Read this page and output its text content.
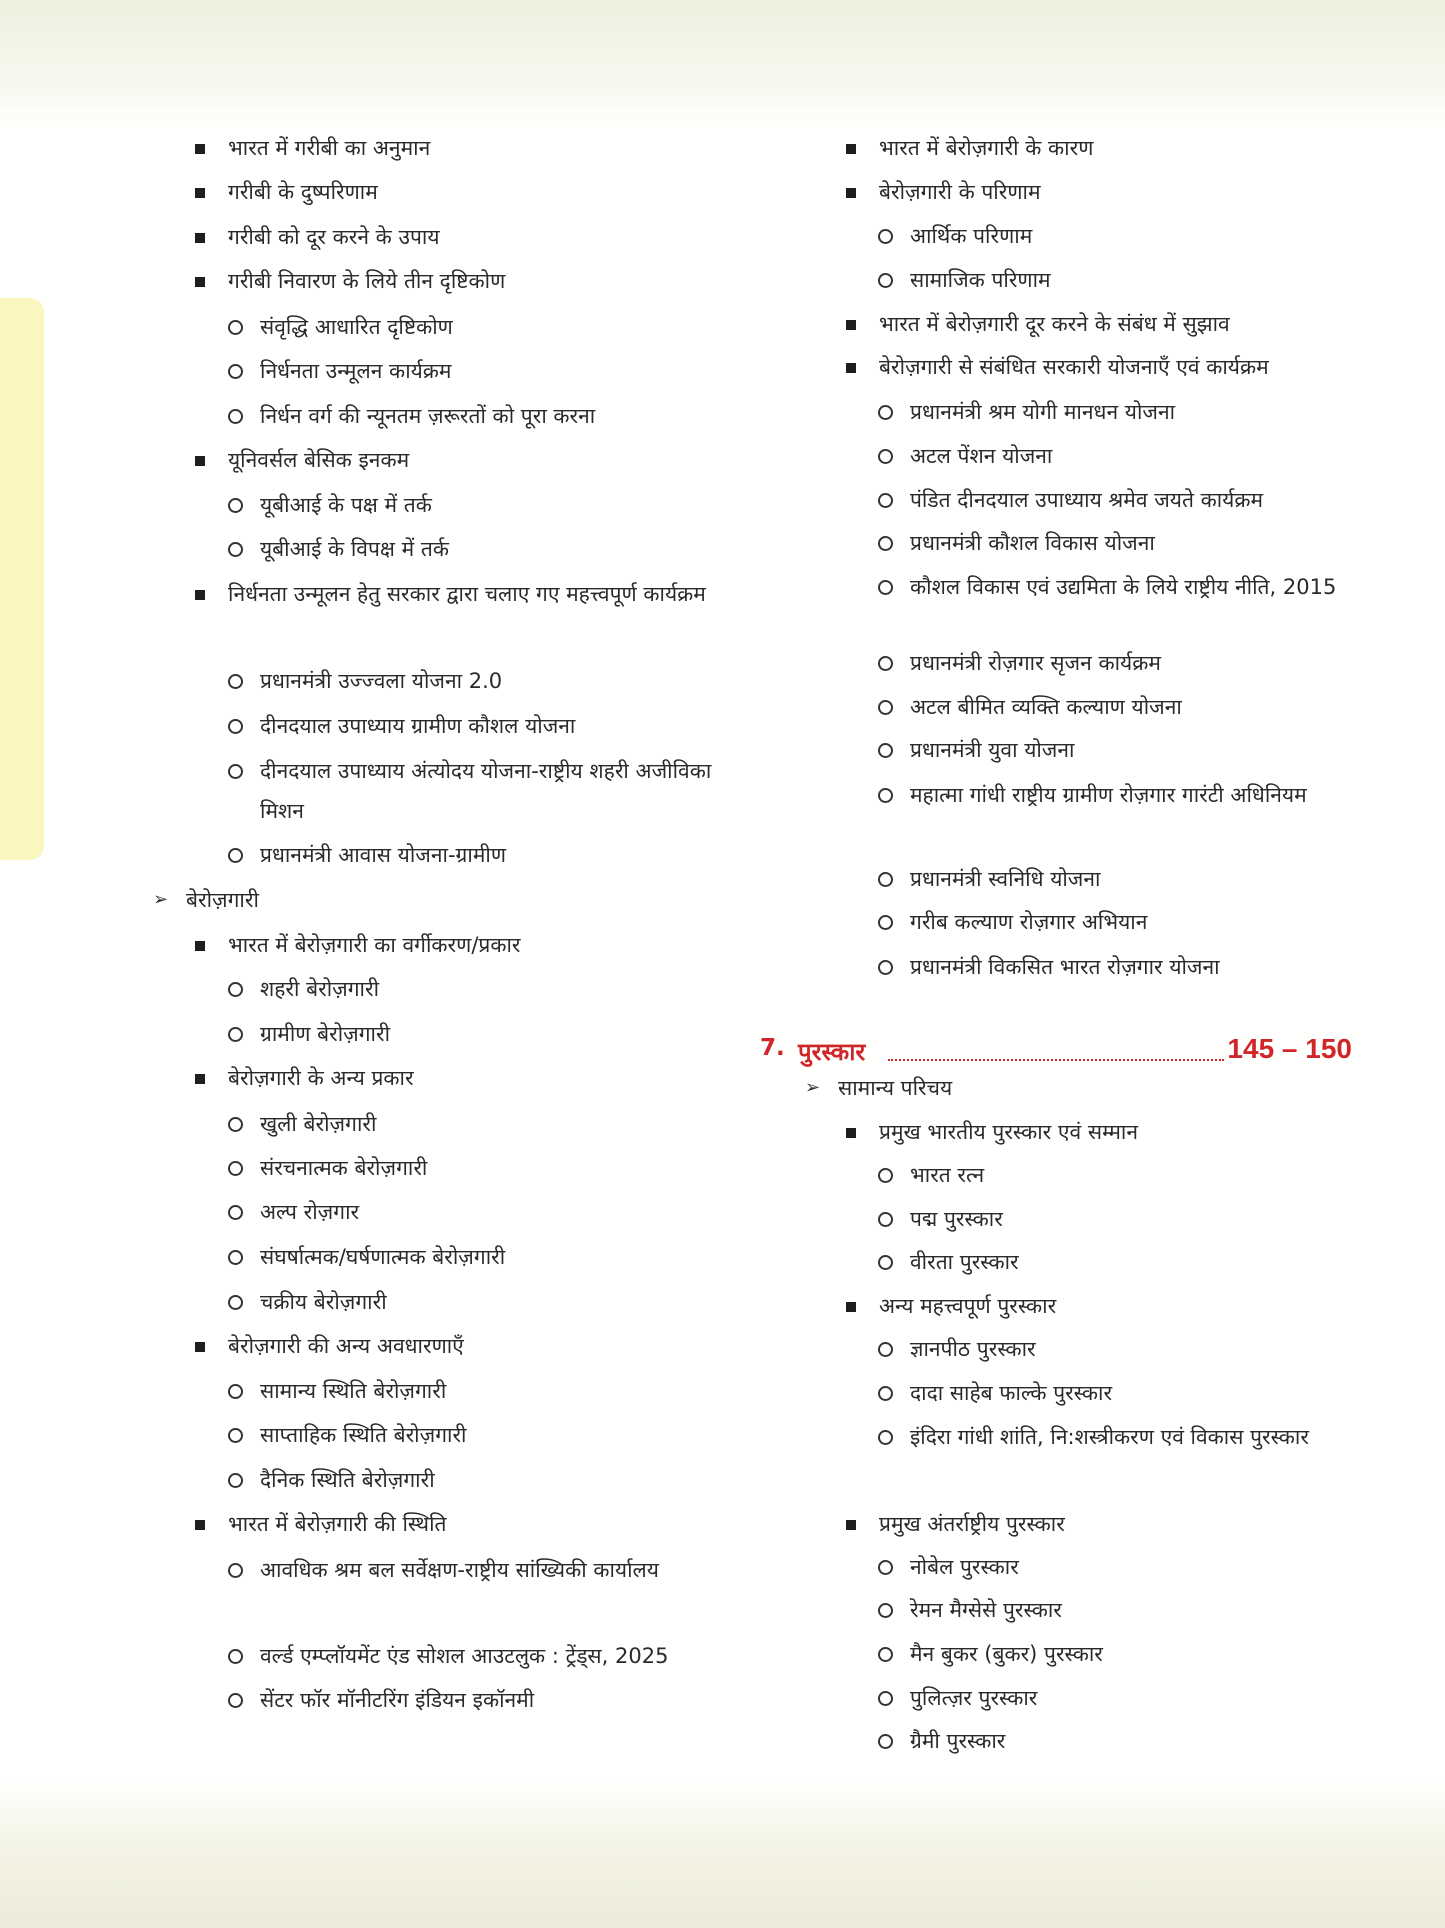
भारत में गरीबी का अनुमान
गरीबी के दुष्परिणाम
गरीबी को दूर करने के उपाय
गरीबी निवारण के लिये तीन दृष्टिकोण
संवृद्धि आधारित दृष्टिकोण
निर्धनता उन्मूलन कार्यक्रम
निर्धन वर्ग की न्यूनतम ज़रूरतों को पूरा करना
यूनिवर्सल बेसिक इनकम
यूबीआई के पक्ष में तर्क
यूबीआई के विपक्ष में तर्क
निर्धनता उन्मूलन हेतु सरकार द्वारा चलाए गए महत्त्वपूर्ण कार्यक्रम
प्रधानमंत्री उज्ज्वला योजना 2.0
दीनदयाल उपाध्याय ग्रामीण कौशल योजना
दीनदयाल उपाध्याय अंत्योदय योजना-राष्ट्रीय शहरी अजीविका मिशन
प्रधानमंत्री आवास योजना-ग्रामीण
➢ बेरोज़गारी
भारत में बेरोज़गारी का वर्गीकरण/प्रकार
शहरी बेरोज़गारी
ग्रामीण बेरोज़गारी
बेरोज़गारी के अन्य प्रकार
खुली बेरोज़गारी
संरचनात्मक बेरोज़गारी
अल्प रोज़गार
संघर्षात्मक/घर्षणात्मक बेरोज़गारी
चक्रीय बेरोज़गारी
बेरोज़गारी की अन्य अवधारणाएँ
सामान्य स्थिति बेरोज़गारी
साप्ताहिक स्थिति बेरोज़गारी
दैनिक स्थिति बेरोज़गारी
भारत में बेरोज़गारी की स्थिति
आवधिक श्रम बल सर्वेक्षण-राष्ट्रीय सांख्यिकी कार्यालय
वर्ल्ड एम्प्लॉयमेंट एंड सोशल आउटलुक : ट्रेंड्स, 2025
सेंटर फॉर मॉनीटरिंग इंडियन इकॉनमी
भारत में बेरोज़गारी के कारण
बेरोज़गारी के परिणाम
आर्थिक परिणाम
सामाजिक परिणाम
भारत में बेरोज़गारी दूर करने के संबंध में सुझाव
बेरोज़गारी से संबंधित सरकारी योजनाएँ एवं कार्यक्रम
प्रधानमंत्री श्रम योगी मानधन योजना
अटल पेंशन योजना
पंडित दीनदयाल उपाध्याय श्रमेव जयते कार्यक्रम
प्रधानमंत्री कौशल विकास योजना
कौशल विकास एवं उद्यमिता के लिये राष्ट्रीय नीति, 2015
प्रधानमंत्री रोज़गार सृजन कार्यक्रम
अटल बीमित व्यक्ति कल्याण योजना
प्रधानमंत्री युवा योजना
महात्मा गांधी राष्ट्रीय ग्रामीण रोज़गार गारंटी अधिनियम
प्रधानमंत्री स्वनिधि योजना
गरीब कल्याण रोज़गार अभियान
प्रधानमंत्री विकसित भारत रोज़गार योजना
7. पुरस्कार	145 – 150
➢ सामान्य परिचय
प्रमुख भारतीय पुरस्कार एवं सम्मान
भारत रत्न
पद्म पुरस्कार
वीरता पुरस्कार
अन्य महत्त्वपूर्ण पुरस्कार
ज्ञानपीठ पुरस्कार
दादा साहेब फाल्के पुरस्कार
इंदिरा गांधी शांति, नि:शस्त्रीकरण एवं विकास पुरस्कार
प्रमुख अंतर्राष्ट्रीय पुरस्कार
नोबेल पुरस्कार
रेमन मैग्सेसे पुरस्कार
मैन बुकर (बुकर) पुरस्कार
पुलित्ज़र पुरस्कार
ग्रैमी पुरस्कार
